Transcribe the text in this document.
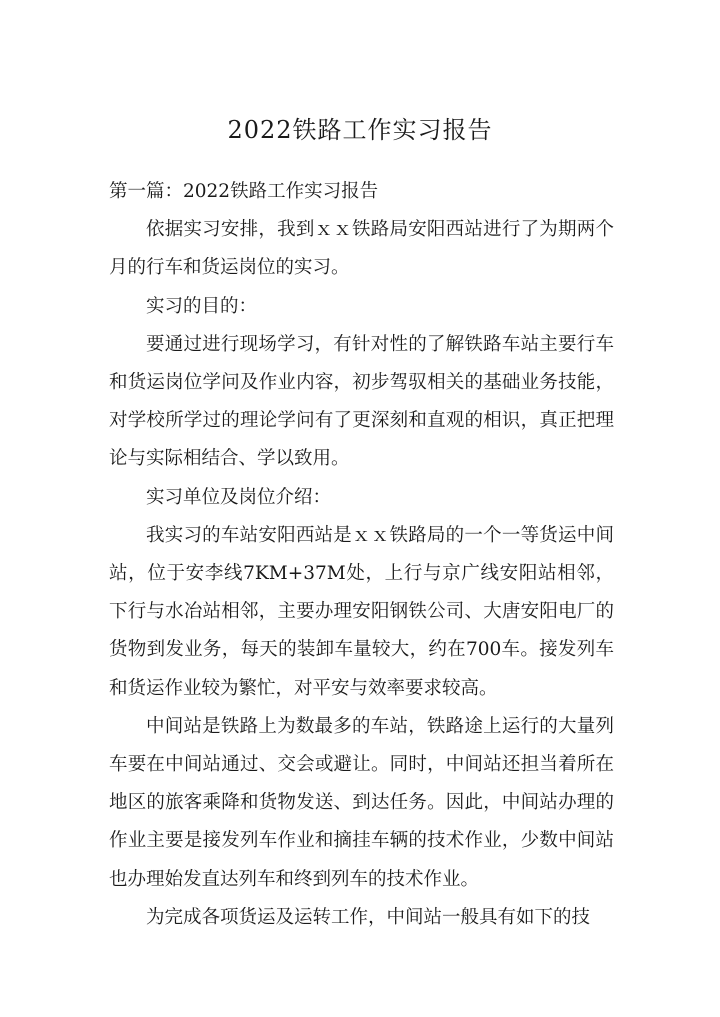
2022铁路工作实习报告

第一篇：2022铁路工作实习报告

依据实习安排，我到ｘｘ铁路局安阳西站进行了为期两个月的行车和货运岗位的实习。

实习的目的：

要通过进行现场学习，有针对性的了解铁路车站主要行车和货运岗位学问及作业内容，初步驾驭相关的基础业务技能，对学校所学过的理论学问有了更深刻和直观的相识，真正把理论与实际相结合、学以致用。

实习单位及岗位介绍：

我实习的车站安阳西站是ｘｘ铁路局的一个一等货运中间站，位于安李线7KM+37M处，上行与京广线安阳站相邻，下行与水冶站相邻，主要办理安阳钢铁公司、大唐安阳电厂的货物到发业务，每天的装卸车量较大，约在700车。接发列车和货运作业较为繁忙，对平安与效率要求较高。

中间站是铁路上为数最多的车站，铁路途上运行的大量列车要在中间站通过、交会或避让。同时，中间站还担当着所在地区的旅客乘降和货物发送、到达任务。因此，中间站办理的作业主要是接发列车作业和摘挂车辆的技术作业，少数中间站也办理始发直达列车和终到列车的技术作业。

为完成各项货运及运转工作，中间站一般具有如下的技
